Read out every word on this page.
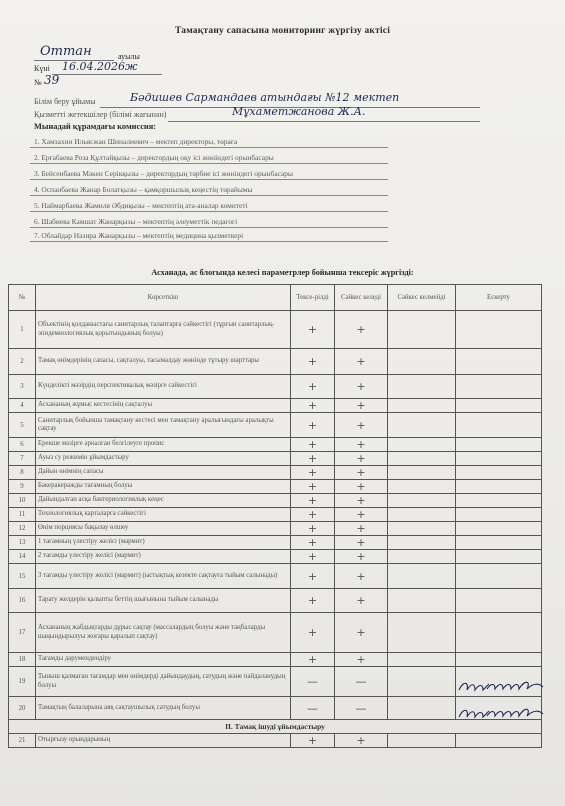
Тамақтану сапасына мониторинг жүргізу актісі
Оттан	ауылы
Күні 16.04.2026ж
№ 39
Білім беру ұйымы	Бәдишев Сармандаев атындағы №12 мектеп
Қызметті жетекшілер (білімі жағынан)	Мұхаметжанова Ж.А.
Мынадай құрамдағы комиссия:
1. Хамзахин Ильясжан Шиналиевич – мектеп директоры, төраға
2. Ерғабаева Роза Құлтайқызы – директордың оқу ісі жөніндегі орынбасары
3. Бейсенбаева Мәкен Серікқызы – директордың тәрбие ісі жөніндегі орынбасары
4. Оспанбаева Жанар Болатқызы – қамқоршылық кеңестің төрайымы
5. Наймарбаева Жамиля Әбдиқызы – мектептің ата-аналар комитеті
6. Шабиева Камшат Жанарқызы – мектептің әлеуметтік педагогі
7. Облайдар Назира Жанарқызы – мектептің медицина қызметкері
Асханада, ас блогында келесі параметрлер бойынша тексеріс жүргізді:
№	Көрсеткіш	Тексе-рілді	Сәйкес келеді	Сәйкес келмейді	Ескерту
1	Объектінің қолданыстағы санитарлық талаптарға сәйкестігі (тұрғын санитарлық-эпидемиологиялық қорытындының болуы)	+	+		
2	Тамақ өнімдерінің сапасы, сақталуы, тасымалдау жөнінде тұтыру шарттары	+	+		
3	Күнделікті мәзірдің перспективалық мәзірге сәйкестігі	+	+		
4	Асхананың жұмыс кестесінің сақталуы	+	+		
5	Санитарлық бойынша тамақтану кестесі мен тамақтану аралығындағы аралықты сақтау	+	+		
6	Ерекше мәзірге арналған белгілеуге пропис	+	+		
7	Ауыз су режимін ұйымдастыру	+	+		
8	Дайын өнімнің сапасы	+	+		
9	Бакеракеражды тағамның болуы	+	+		
10	Дайындалған асқа бактериологиялық кеңес	+	+		
11	Технологиялық карталарға сәйкестігі	+	+		
12	Өнім порциясы бақылау өлшеу	+	+		
13	1 тағамның үлестіру желісі (мармит)	+	+		
14	2 тағамды үлестіру желісі (мармит)	+	+		
15	3 тағамды үлестіру желісі (мармит) (ыстықтық кезекте сақтауға тыйым салынады)	+	+		
16	Тарату желдерін қалыпты беттің шығынына тыйым салынады	+	+		
17	Асхананың жабдықтарды дұрыс сақтау (массалардың болуы және таңбаларды шаңындырылуы жоғары қаралып сақтау)	+	+		
18	Тағамды дәрумендендіру	+	+		
19	Тыныш қалмаған тағамдар мен өнімдерді дайындаудың, сатудың және пайдаланудың болуы	—	—		
20	Тамақтың балаларына аяқ сақтаушылық сатудың болуы	—	—		
II. Тамақ ішуді ұйымдастыру					
21	Отырғызу орындарының	+	+		
